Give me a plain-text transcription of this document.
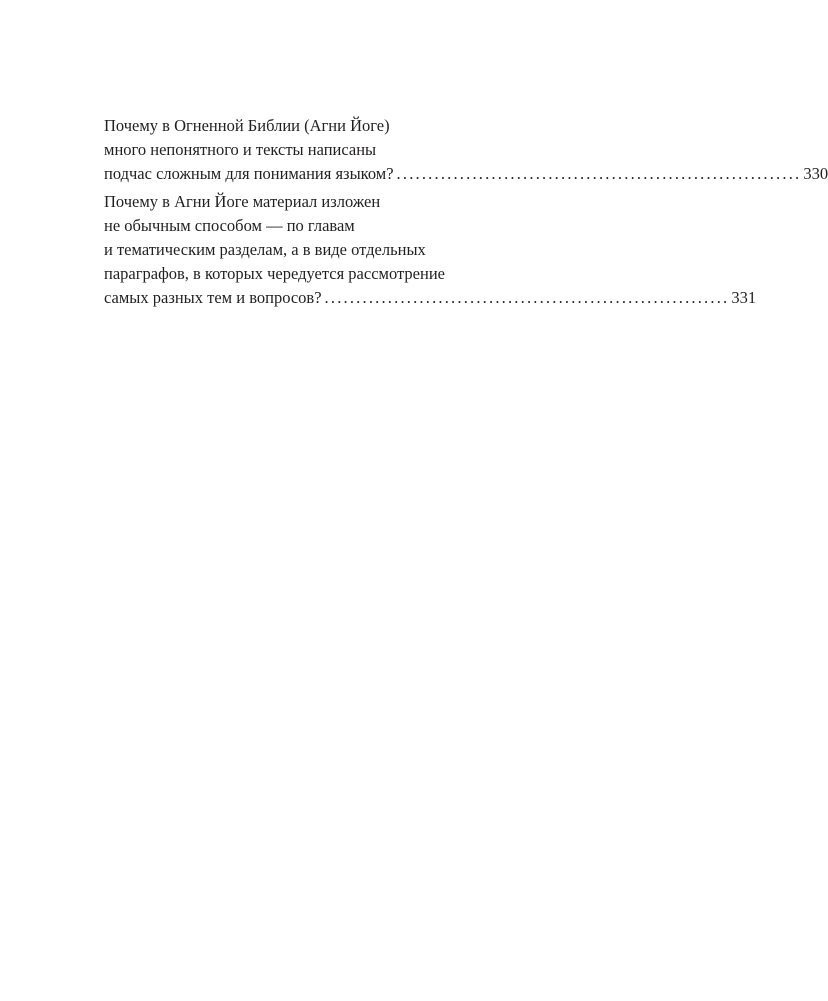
Почему в Огненной Библии (Агни Йоге)
много непонятного и тексты написаны
подчас сложным для понимания языком? ................................................................ 330
Почему в Агни Йоге материал изложен
не обычным способом — по главам
и тематическим разделам, а в виде отдельных
параграфов, в которых чередуется рассмотрение
самых разных тем и вопросов? ................................................................ 331
